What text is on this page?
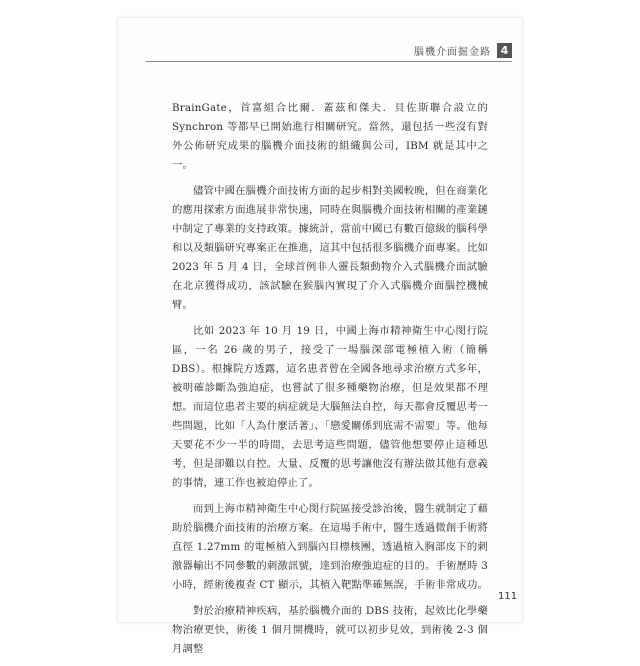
腦機介面掘金路 4

BrainGate，首富組合比爾．蓋茲和傑夫．貝佐斯聯合設立的 Synchron 等都早已開始進行相關研究。當然，還包括一些沒有對外公佈研究成果的腦機介面技術的組織與公司，IBM 就是其中之一。

儘管中國在腦機介面技術方面的起步相對美國較晚，但在商業化的應用探索方面進展非常快速，同時在與腦機介面技術相關的產業鏈中制定了專業的支持政策。據統計，當前中國已有數百億級的腦科學和以及類腦研究專案正在推進，這其中包括很多腦機介面專案。比如 2023 年 5 月 4 日，全球首例非人靈長類動物介入式腦機介面試驗在北京獲得成功，該試驗在猴腦內實現了介入式腦機介面腦控機械臂。

比如 2023 年 10 月 19 日，中國上海市精神衛生中心閔行院區，一名 26 歲的男子，接受了一場腦深部電極植入術（簡稱 DBS）。根據院方透露，這名患者曾在全國各地尋求治療方式多年，被明確診斷為強迫症，也嘗試了很多種藥物治療，但是效果都不理想。而這位患者主要的病症就是大腦無法自控，每天都會反覆思考一些問題，比如「人為什麼活著」、「戀愛關係到底需不需要」等。他每天要花不少一半的時間，去思考這些問題，儘管他想要停止這種思考，但是卻難以自控。大量、反覆的思考讓他沒有辦法做其他有意義的事情，連工作也被迫停止了。

而到上海市精神衛生中心閔行院區接受診治後，醫生就制定了藉助於腦機介面技術的治療方案。在這場手術中，醫生透過微創手術將直徑 1.27mm 的電極植入到腦內目標核團，透過植入胸部皮下的刺激器輸出不同參數的刺激訊號，達到治療強迫症的目的。手術歷時 3 小時，經術後複查 CT 顯示，其植入靶點準確無誤，手術非常成功。

對於治療精神疾病，基於腦機介面的 DBS 技術，起效比化學藥物治療更快，術後 1 個月開機時，就可以初步見效，到術後 2-3 個月調整

111
